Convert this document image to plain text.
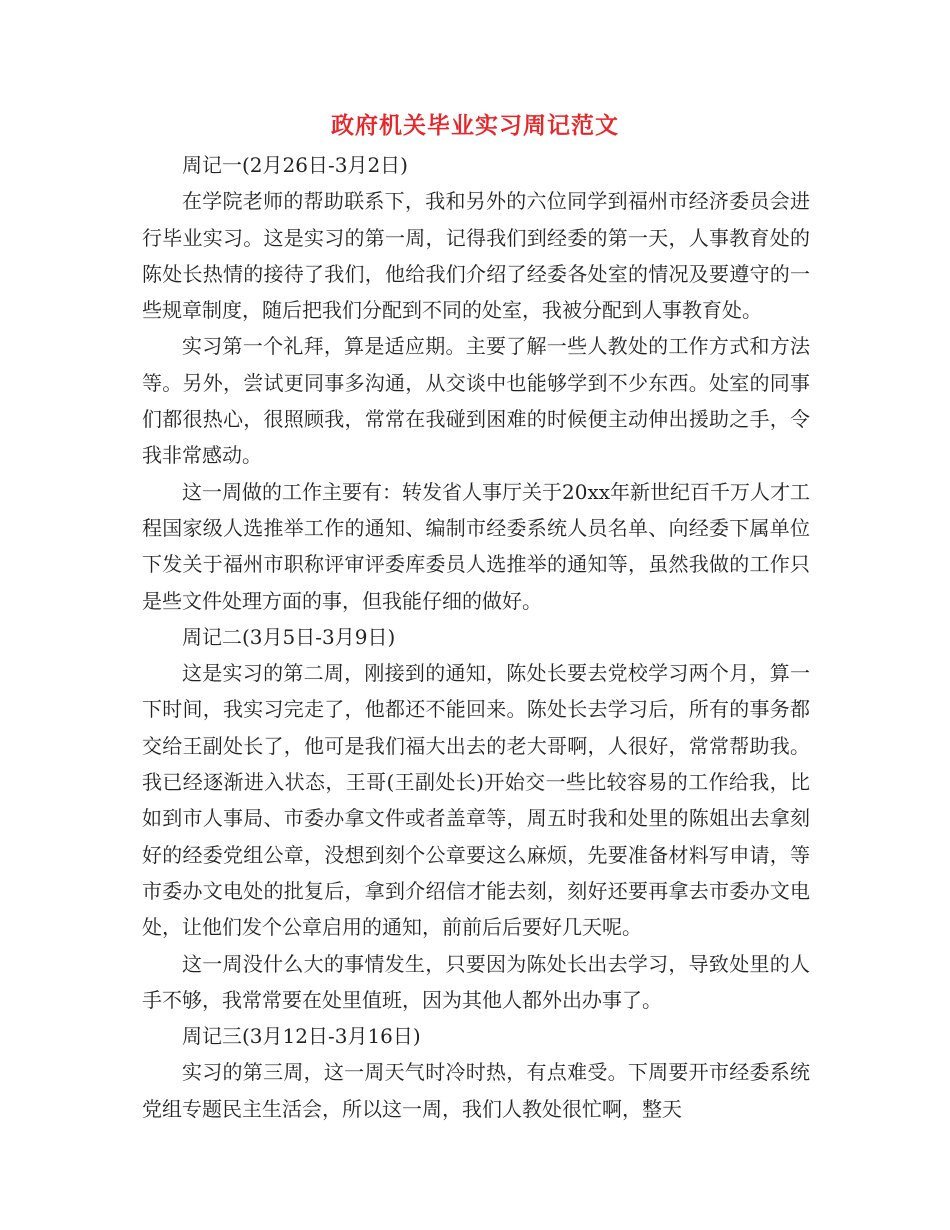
政府机关毕业实习周记范文

周记一(2月26日-3月2日)

在学院老师的帮助联系下，我和另外的六位同学到福州市经济委员会进行毕业实习。这是实习的第一周，记得我们到经委的第一天，人事教育处的陈处长热情的接待了我们，他给我们介绍了经委各处室的情况及要遵守的一些规章制度，随后把我们分配到不同的处室，我被分配到人事教育处。

实习第一个礼拜，算是适应期。主要了解一些人教处的工作方式和方法等。另外，尝试更同事多沟通，从交谈中也能够学到不少东西。处室的同事们都很热心，很照顾我，常常在我碰到困难的时候便主动伸出援助之手，令我非常感动。

这一周做的工作主要有：转发省人事厅关于20xx年新世纪百千万人才工程国家级人选推举工作的通知、编制市经委系统人员名单、向经委下属单位下发关于福州市职称评审评委库委员人选推举的通知等，虽然我做的工作只是些文件处理方面的事，但我能仔细的做好。

周记二(3月5日-3月9日)

这是实习的第二周，刚接到的通知，陈处长要去党校学习两个月，算一下时间，我实习完走了，他都还不能回来。陈处长去学习后，所有的事务都交给王副处长了，他可是我们福大出去的老大哥啊，人很好，常常帮助我。我已经逐渐进入状态，王哥(王副处长)开始交一些比较容易的工作给我，比如到市人事局、市委办拿文件或者盖章等，周五时我和处里的陈姐出去拿刻好的经委党组公章，没想到刻个公章要这么麻烦，先要准备材料写申请，等市委办文电处的批复后，拿到介绍信才能去刻，刻好还要再拿去市委办文电处，让他们发个公章启用的通知，前前后后要好几天呢。

这一周没什么大的事情发生，只要因为陈处长出去学习，导致处里的人手不够，我常常要在处里值班，因为其他人都外出办事了。

周记三(3月12日-3月16日)

实习的第三周，这一周天气时冷时热，有点难受。下周要开市经委系统党组专题民主生活会，所以这一周，我们人教处很忙啊，整天
